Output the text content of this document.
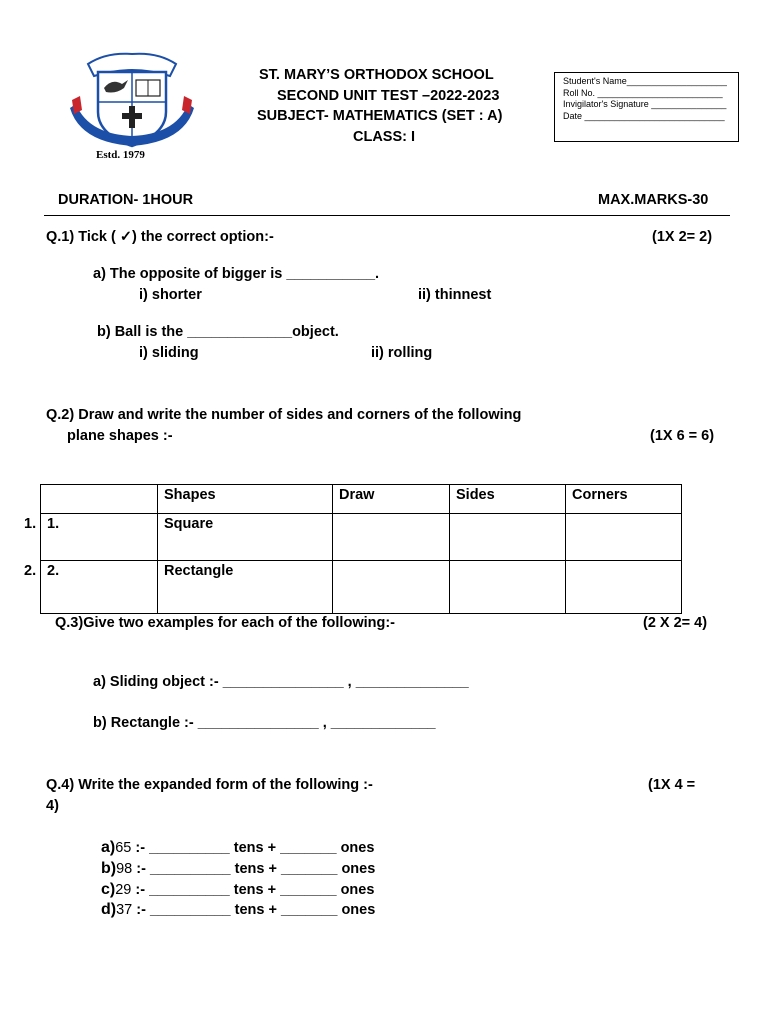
Estd. 1979
ST. MARY’S ORTHODOX SCHOOL
SECOND UNIT TEST –2022-2023
SUBJECT- MATHEMATICS (SET : A)
CLASS: I
Student's Name____________________
Roll No. _________________________
Invigilator's Signature _______________
Date ____________________________
DURATION- 1HOUR	MAX.MARKS-30
Q.1) Tick ( ✓) the correct option:-	(1X 2= 2)
a) The opposite of bigger is ___________.
i) shorter	ii) thinnest
b) Ball is the _____________object.
i) sliding	ii) rolling
Q.2) Draw and write the number of sides and corners of the following
plane shapes :-	(1X 6 = 6)
1.
2.
	Shapes	Draw	Sides	Corners
1.	Square			
2.	Rectangle			
Q.3)Give two examples for each of the following:-	(2 X 2= 4)
a) Sliding object :- _______________ , ______________
b) Rectangle :- _______________ , _____________
Q.4) Write the expanded form of the following :-	(1X 4 =
4)
a)65 :- __________ tens + _______ ones
b)98 :- __________ tens + _______ ones
c)29 :- __________ tens + _______ ones
d)37 :- __________ tens + _______ ones
